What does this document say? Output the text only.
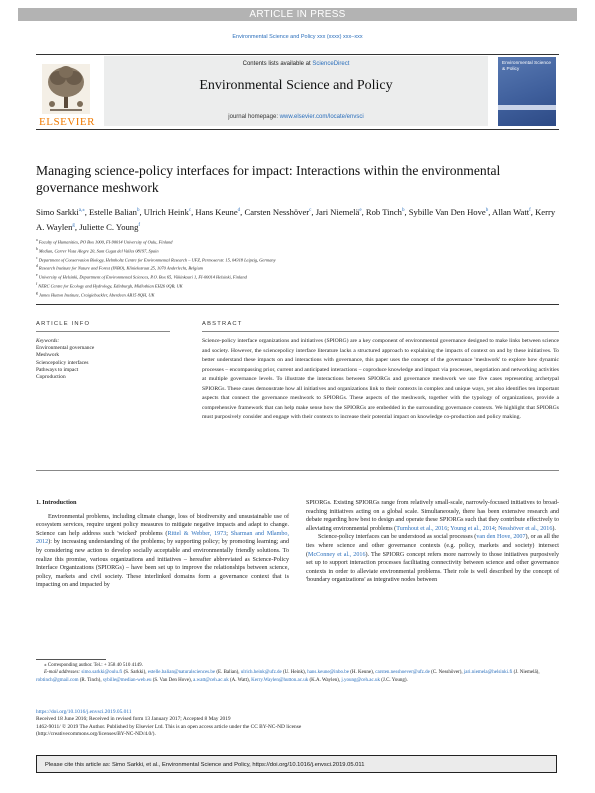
ARTICLE IN PRESS
Environmental Science and Policy xxx (xxxx) xxx–xxx
ELSEVIER
Contents lists available at ScienceDirect
Environmental Science and Policy
journal homepage: www.elsevier.com/locate/envsci
Environmental Science & Policy
Managing science-policy interfaces for impact: Interactions within the environmental governance meshwork
Simo Sarkki$^{a,⁎}$, Estelle Balian$^b$, Ulrich Heink$^c$, Hans Keune$^d$, Carsten Nesshöver$^c$, Jari Niemelä$^e$, Rob Tinch$^b$, Sybille Van Den Hove$^b$, Allan Watt$^f$, Kerry A. Waylen$^g$, Juliette C. Young$^f$
$^a$ Faculty of Humanities, PO Box 1000, FI-90014 University of Oulu, Finland
$^b$ Median, Carrer Vista Alegre 20, Sant Cugat del Valles 08197, Spain
$^c$ Department of Conservation Biology, Helmholtz Centre for Environmental Research – UFZ, Permoserstr. 15, 04318 Leipzig, Germany
$^d$ Research Institute for Nature and Forest (INBO), Kliniekstraat 25, 1070 Anderlecht, Belgium
$^e$ University of Helsinki, Department of Environmental Sciences, P.O. Box 65, Viikinkaari 1, FI-00014 Helsinki, Finland
$^f$ NERC Centre for Ecology and Hydrology, Edinburgh, Midlothian EH26 0QB, UK
$^g$ James Hutton Institute, Craigiebuckler, Aberdeen AB15 8QH, UK
ARTICLE INFO
Keywords:
Environmental governance
Meshwork
Sciencepolicy interfaces
Pathways to impact
Coproduction
ABSTRACT
Science-policy interface organizations and initiatives (SPIORG) are a key component of environmental governance designed to make links between science and society. However, the sciencepolicy interface literature lacks a structured approach to explaining the impacts of context on and by these initiatives. To better understand these impacts on and interactions with governance, this paper uses the concept of the governance 'meshwork' to explore how dynamic processes – encompassing prior, current and anticipated interactions – coproduce knowledge and impact via processes, negotiation and networking activities at multiple governance levels. To illustrate the interactions between SPIORGs and governance meshwork we use five cases representing archetypal SPIORGs. These cases demonstrate how all initiatives and organizations link to their contexts in complex and unique ways, yet also identifies ten important aspects that connect the governance meshwork to SPIORGs. These aspects of the meshwork, together with the typology of organizations, provide a comprehensive framework that can help make sense how the SPIORGs are embedded in the surrounding governance contexts. We highlight that SPIORGs must purposively consider and engage with their contexts to increase their potential impact on knowledge co-production and policy making.
1. Introduction

Environmental problems, including climate change, loss of biodiversity and unsustainable use of ecosystem services, require urgent policy measures to mitigate negative impacts and adapt to change. Science can help address such 'wicked' problems (Rittel & Webber, 1973; Sharman and Mlambo, 2012): by increasing understanding of the problems; by supporting policy; by promoting learning; and by considering new action to develop socially acceptable and environmentally friendly solutions. To realize this promise, various organizations and initiatives – hereafter abbreviated as Science-Policy Interface Organizations (SPIORGs) – have been set up to improve the relationships between science, policy, markets and civil society. These interlinked domains form a governance context that is impacting on and impacted by

SPIORGs. Existing SPIORGs range from relatively small-scale, narrowly-focused initiatives to broad-reaching initiatives acting on a global scale. Simultaneously, there has been extensive research and debate regarding how best to design and operate these SPIORGs such that they contribute effectively to alleviating environmental problems (Turnhout et al., 2016; Young et al., 2014; Nesshöver et al., 2016).

Science-policy interfaces can be understood as social processes (van den Hove, 2007), or as all the ties where science and other governance contexts (e.g. policy, markets and society) intersect (McConney et al., 2016). The SPIORG concept refers more narrowly to those initiatives purposively set up to support interaction processes facilitating connectivity between science and other governance contexts in order to alleviate environmental problems. Their role is well described by the concept of 'boundary organizations' as integrative nodes between

⁎ Corresponding author. Tel.: + 358 40 510 4149.
E-mail addresses: simo.sarkki@oulu.fi (S. Sarkki), estelle.balian@naturalsciences.be (E. Balian), ulrich.heink@ufz.de (U. Heink), hans.keune@inbo.be (H. Keune), carsten.nesshoever@ufz.de (C. Nesshöver), jari.niemela@helsinki.fi (J. Niemelä), robtinch@gmail.com (R. Tinch), sybille@median-web.eu (S. Van Den Hove), a.watt@ceh.ac.uk (A. Watt), Kerry.Waylen@hutton.ac.uk (K.A. Waylen), j.young@ceh.ac.uk (J.C. Young).
https://doi.org/10.1016/j.envsci.2019.05.011
Received 18 June 2016; Received in revised form 13 January 2017; Accepted 8 May 2019
1462-9011/ © 2019 The Author. Published by Elsevier Ltd. This is an open access article under the CC BY-NC-ND license
(http://creativecommons.org/licenses/BY-NC-ND/4.0/).
Please cite this article as: Simo Sarkki, et al., Environmental Science and Policy, https://doi.org/10.1016/j.envsci.2019.05.011
